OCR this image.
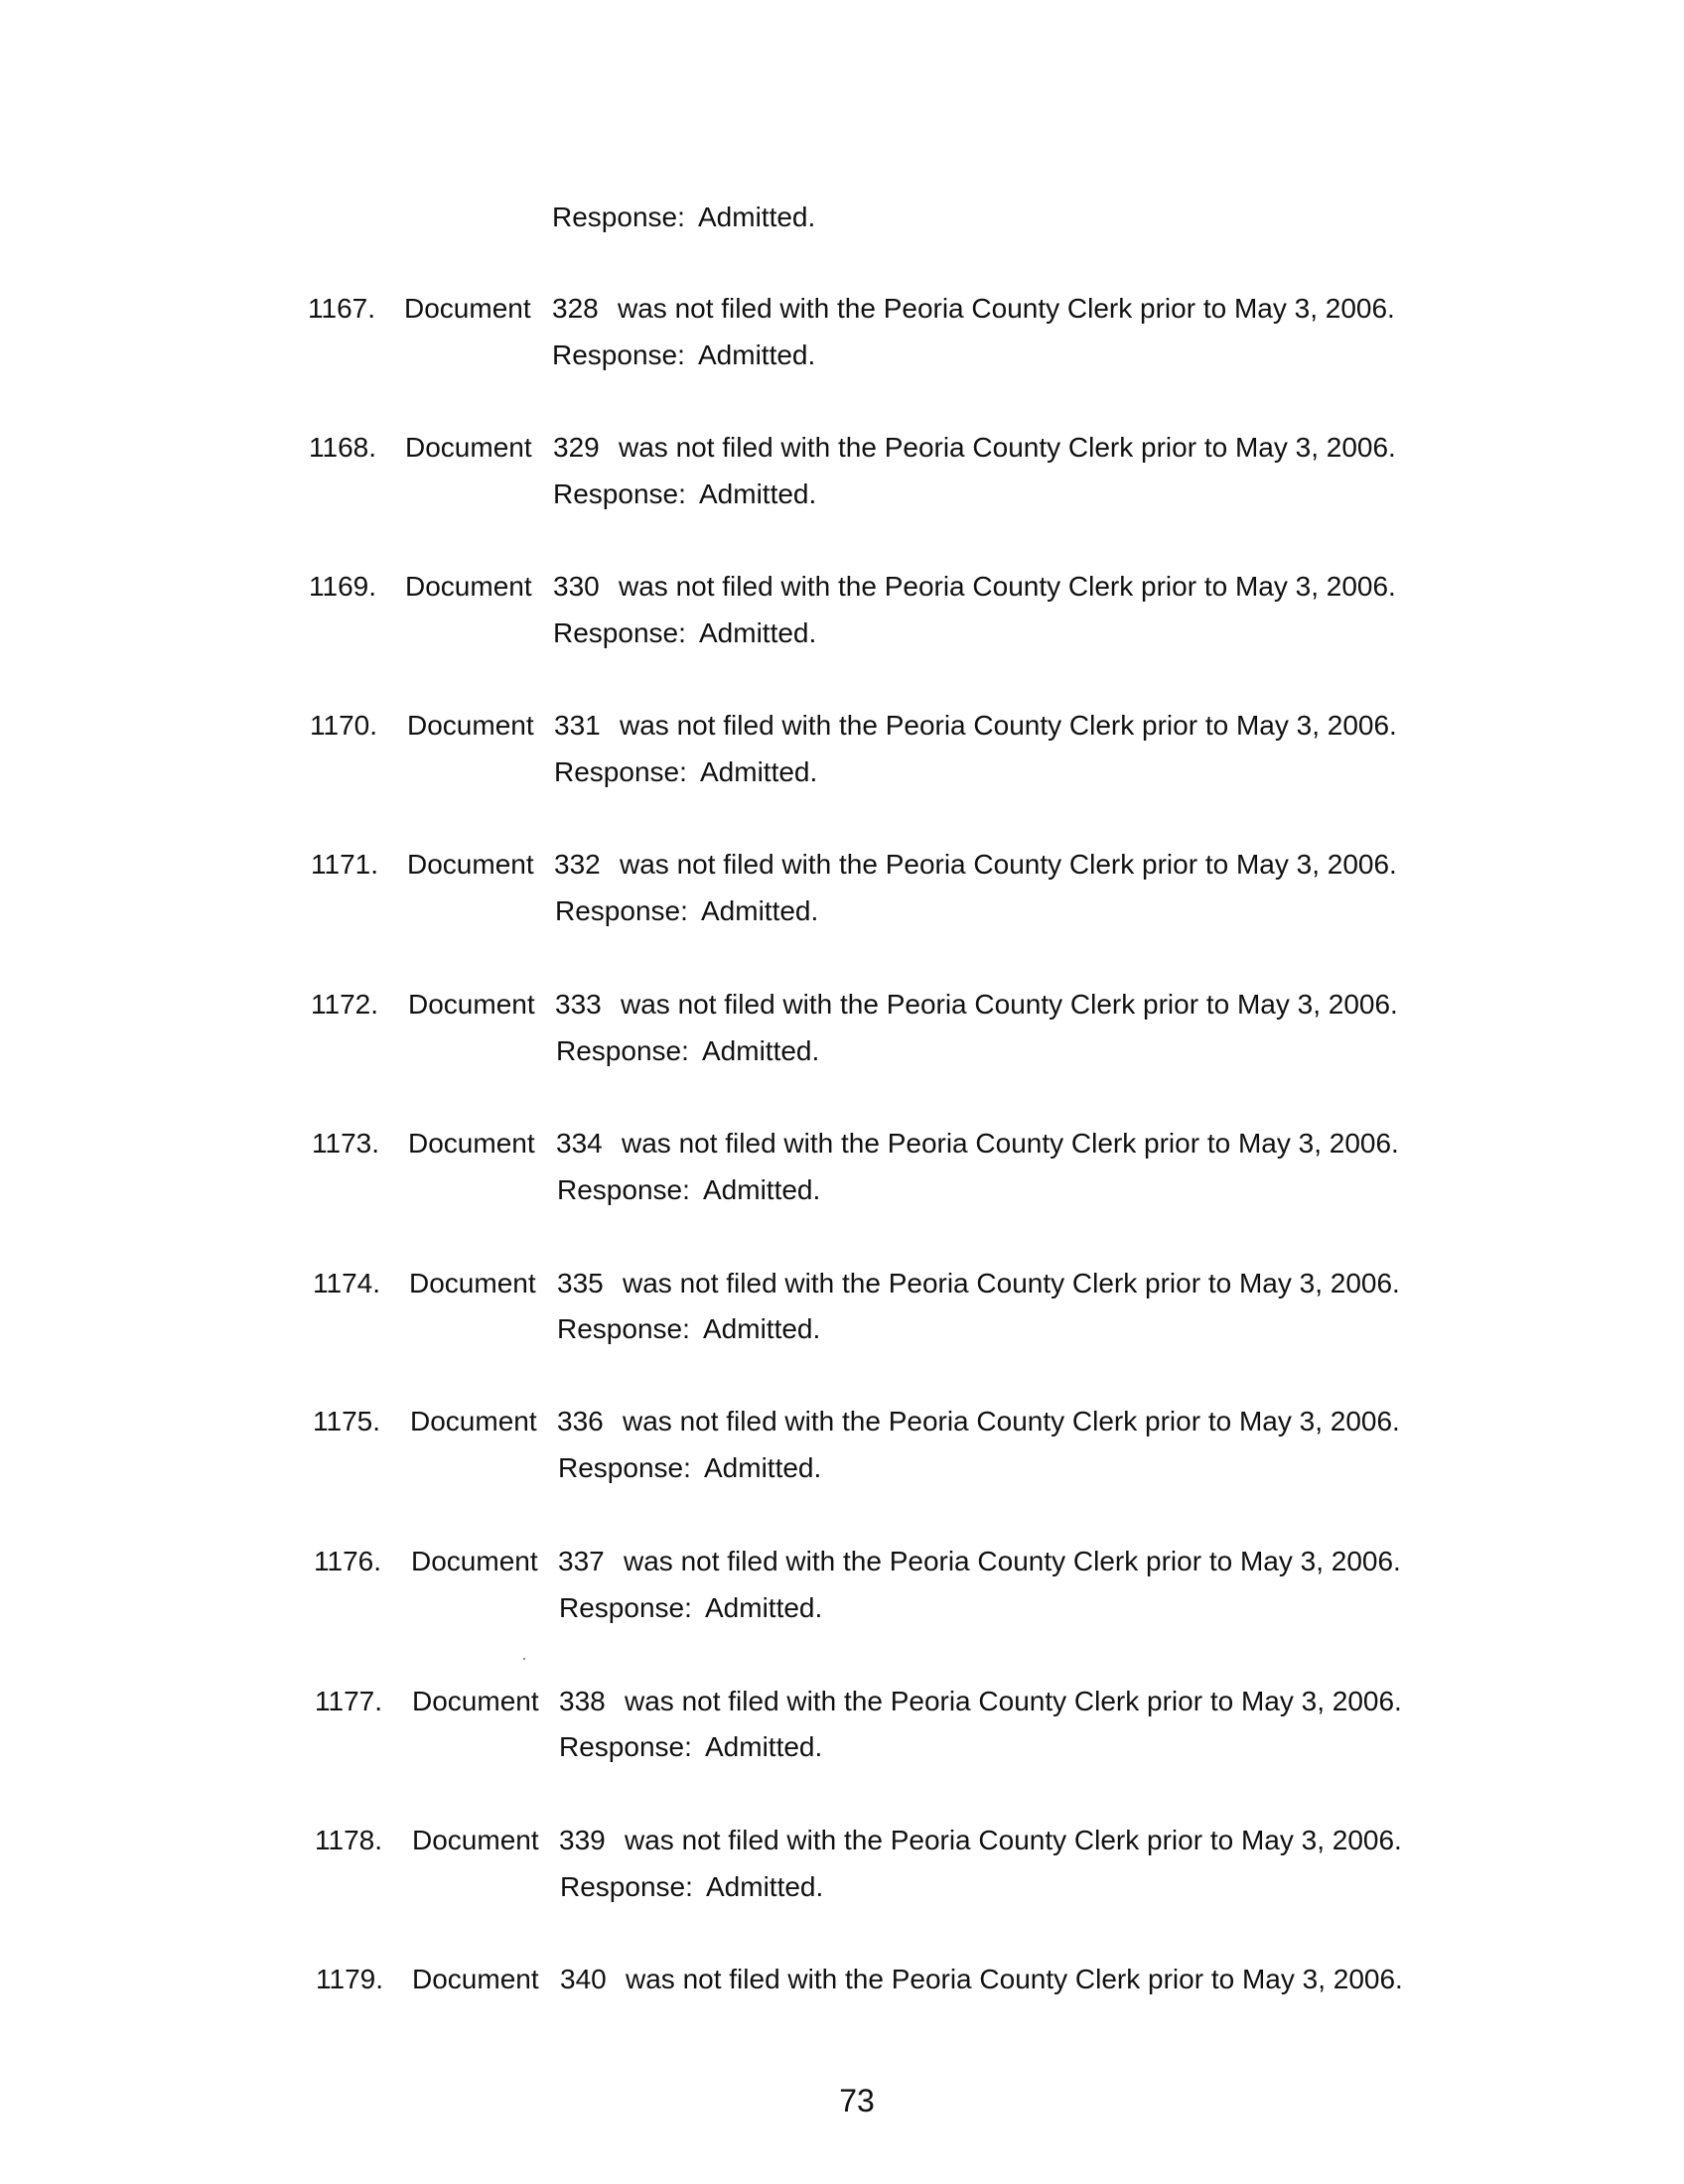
Response: Admitted.
1167. Document 328 was not filed with the Peoria County Clerk prior to May 3, 2006.
Response: Admitted.
1168. Document 329 was not filed with the Peoria County Clerk prior to May 3, 2006.
Response: Admitted.
1169. Document 330 was not filed with the Peoria County Clerk prior to May 3, 2006.
Response: Admitted.
1170. Document 331 was not filed with the Peoria County Clerk prior to May 3, 2006.
Response: Admitted.
1171. Document 332 was not filed with the Peoria County Clerk prior to May 3, 2006.
Response: Admitted.
1172. Document 333 was not filed with the Peoria County Clerk prior to May 3, 2006.
Response: Admitted.
1173. Document 334 was not filed with the Peoria County Clerk prior to May 3, 2006.
Response: Admitted.
1174. Document 335 was not filed with the Peoria County Clerk prior to May 3, 2006.
Response: Admitted.
1175. Document 336 was not filed with the Peoria County Clerk prior to May 3, 2006.
Response: Admitted.
1176. Document 337 was not filed with the Peoria County Clerk prior to May 3, 2006.
Response: Admitted.
1177. Document 338 was not filed with the Peoria County Clerk prior to May 3, 2006.
Response: Admitted.
1178. Document 339 was not filed with the Peoria County Clerk prior to May 3, 2006.
Response: Admitted.
1179. Document 340 was not filed with the Peoria County Clerk prior to May 3, 2006.
73
